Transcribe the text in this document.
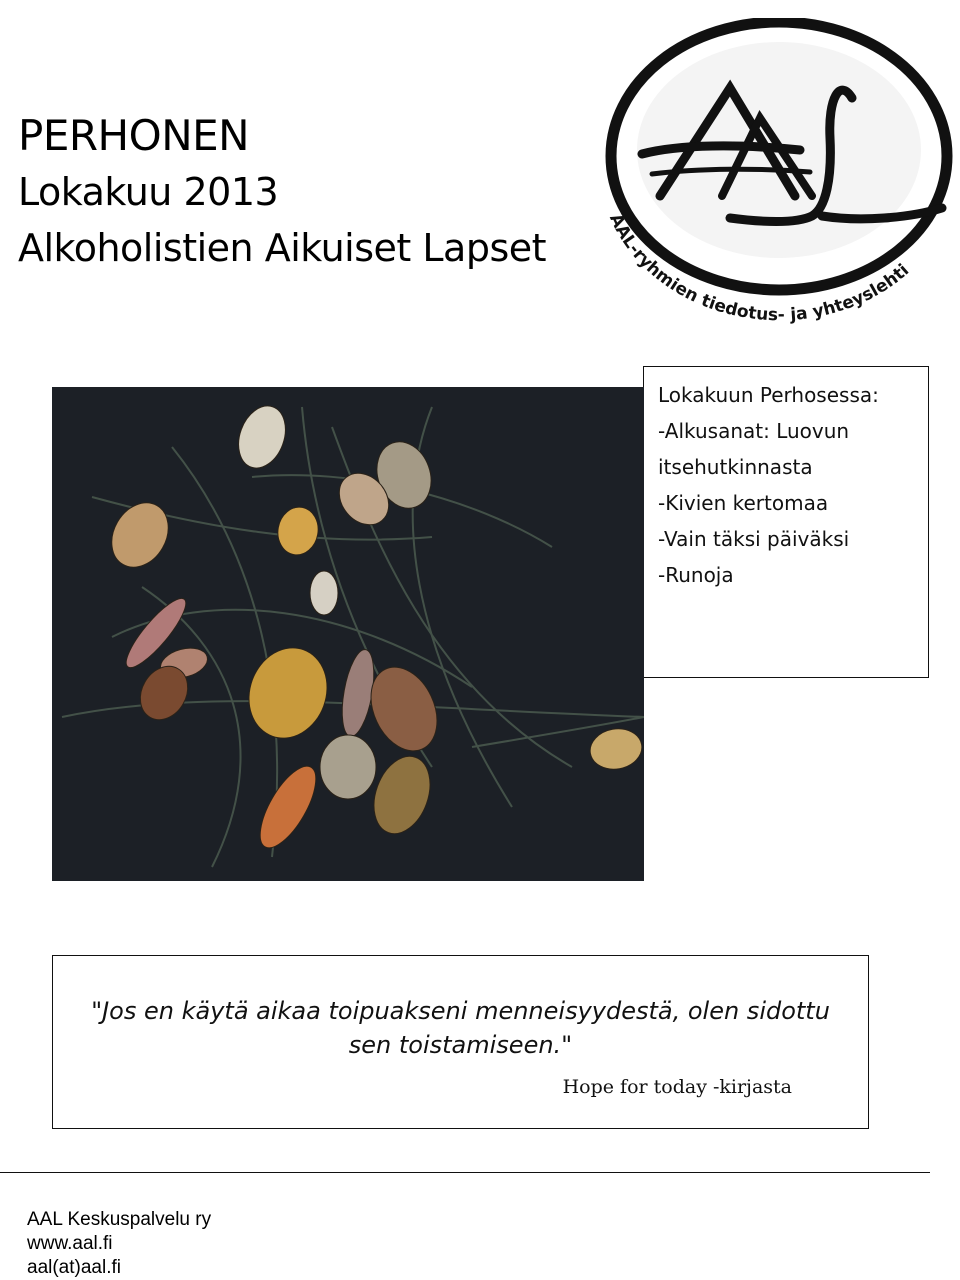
PERHONEN
Lokakuu 2013
Alkoholistien Aikuiset Lapset
AAL-ryhmien tiedotus- ja yhteyslehti
Lokakuun Perhosessa:
-Alkusanat: Luovun
itsehutkinnasta
-Kivien kertomaa
-Vain täksi päiväksi
-Runoja
"Jos en käytä aikaa toipuakseni menneisyydestä, olen sidottu
sen toistamiseen."
Hope for today -kirjasta
AAL Keskuspalvelu ry
www.aal.fi
aal(at)aal.fi
